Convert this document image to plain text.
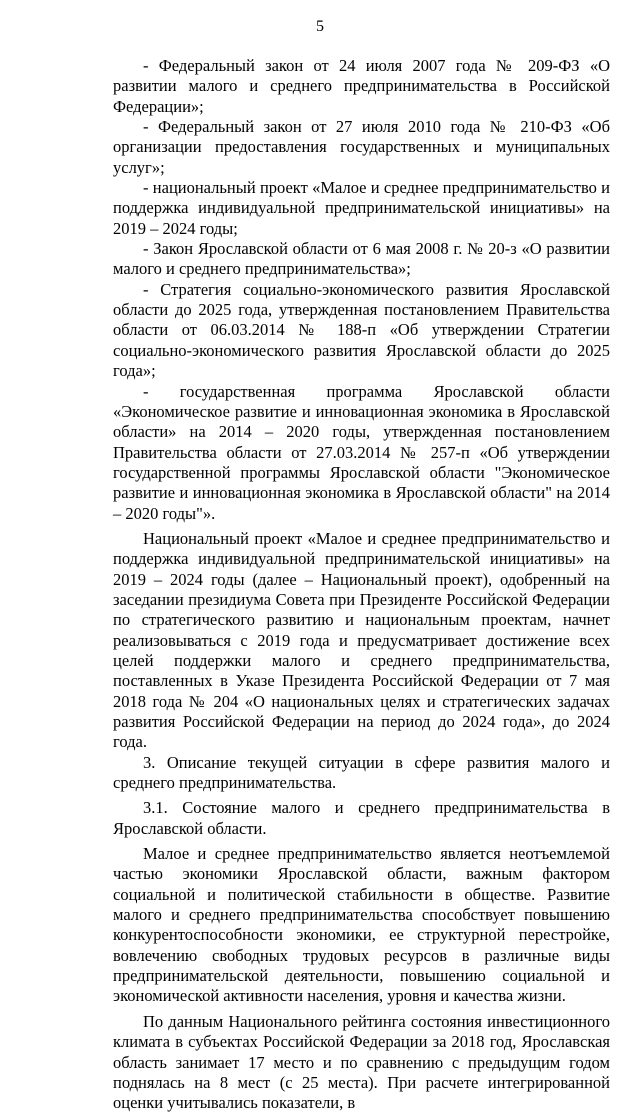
5

- Федеральный закон от 24 июля 2007 года № 209-ФЗ «О развитии малого и среднего предпринимательства в Российской Федерации»;

- Федеральный закон от 27 июля 2010 года № 210-ФЗ «Об организации предоставления государственных и муниципальных услуг»;

- национальный проект «Малое и среднее предпринимательство и поддержка индивидуальной предпринимательской инициативы» на 2019 – 2024 годы;

- Закон Ярославской области от 6 мая 2008 г. № 20-з «О развитии малого и среднего предпринимательства»;

- Стратегия социально-экономического развития Ярославской области до 2025 года, утвержденная постановлением Правительства области от 06.03.2014 № 188-п «Об утверждении Стратегии социально-экономического развития Ярославской области до 2025 года»;

- государственная программа Ярославской области «Экономическое развитие и инновационная экономика в Ярославской области» на 2014 – 2020 годы, утвержденная постановлением Правительства области от 27.03.2014 № 257-п «Об утверждении государственной программы Ярославской области "Экономическое развитие и инновационная экономика в Ярославской области" на 2014 – 2020 годы"».

Национальный проект «Малое и среднее предпринимательство и поддержка индивидуальной предпринимательской инициативы» на 2019 – 2024 годы (далее – Национальный проект), одобренный на заседании президиума Совета при Президенте Российской Федерации по стратегического развитию и национальным проектам, начнет реализовываться с 2019 года и предусматривает достижение всех целей поддержки малого и среднего предпринимательства, поставленных в Указе Президента Российской Федерации от 7 мая 2018 года № 204 «О национальных целях и стратегических задачах развития Российской Федерации на период до 2024 года», до 2024 года.

3. Описание текущей ситуации в сфере развития малого и среднего предпринимательства.

3.1. Состояние малого и среднего предпринимательства в Ярославской области.

Малое и среднее предпринимательство является неотъемлемой частью экономики Ярославской области, важным фактором социальной и политической стабильности в обществе. Развитие малого и среднего предпринимательства способствует повышению конкурентоспособности экономики, ее структурной перестройке, вовлечению свободных трудовых ресурсов в различные виды предпринимательской деятельности, повышению социальной и экономической активности населения, уровня и качества жизни.

По данным Национального рейтинга состояния инвестиционного климата в субъектах Российской Федерации за 2018 год, Ярославская область занимает 17 место и по сравнению с предыдущим годом поднялась на 8 мест (с 25 места). При расчете интегрированной оценки учитывались показатели, в
